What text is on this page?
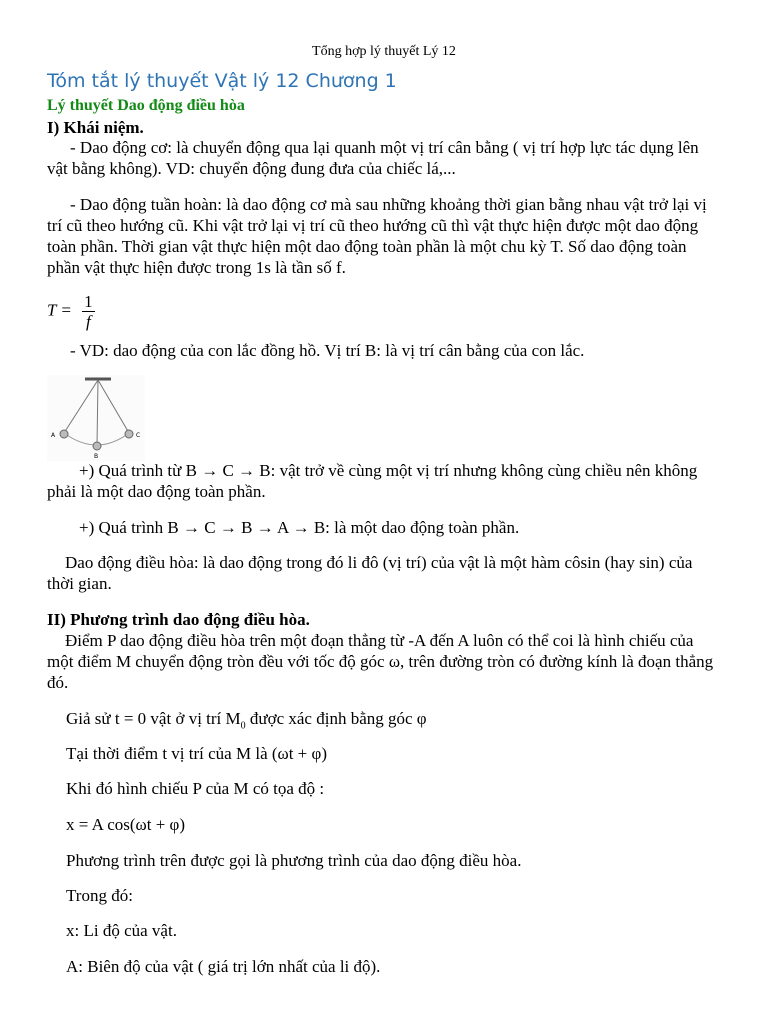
Tổng hợp lý thuyết Lý 12
Tóm tắt lý thuyết Vật lý 12 Chương 1
Lý thuyết Dao động điều hòa
I) Khái niệm.
- Dao động cơ: là chuyển động qua lại quanh một vị trí cân bằng ( vị trí hợp lực tác dụng lên vật bằng không). VD: chuyển động đung đưa của chiếc lá,...
- Dao động tuần hoàn: là dao động cơ mà sau những khoảng thời gian bằng nhau vật trở lại vị trí cũ theo hướng cũ. Khi vật trở lại vị trí cũ theo hướng cũ thì vật thực hiện được một dao động toàn phần. Thời gian vật thực hiện một dao động toàn phần là một chu kỳ T. Số dao động toàn phần vật thực hiện được trong 1s là tần số f.
$T = \frac{1}{f}$
- VD: dao động của con lắc đồng hồ. Vị trí B: là vị trí cân bằng của con lắc.
A
B
C
+) Quá trình từ B → C → B: vật trở về cùng một vị trí nhưng không cùng chiều nên không phải là một dao động toàn phần.
+) Quá trình B → C → B → A → B: là một dao động toàn phần.
Dao động điều hòa: là dao động trong đó li đô (vị trí) của vật là một hàm côsin (hay sin) của thời gian.
II) Phương trình dao động điều hòa.
Điểm P dao động điều hòa trên một đoạn thẳng từ -A đến A luôn có thể coi là hình chiếu của một điểm M chuyển động tròn đều với tốc độ góc ω, trên đường tròn có đường kính là đoạn thẳng đó.
Giả sử t = 0 vật ở vị trí $M_0$ được xác định bằng góc φ
Tại thời điểm t vị trí của M là (ωt + φ)
Khi đó hình chiếu P của M có tọa độ :
x = A cos(ωt + φ)
Phương trình trên được gọi là phương trình của dao động điều hòa.
Trong đó:
x: Li độ của vật.
A: Biên độ của vật ( giá trị lớn nhất của li độ).
